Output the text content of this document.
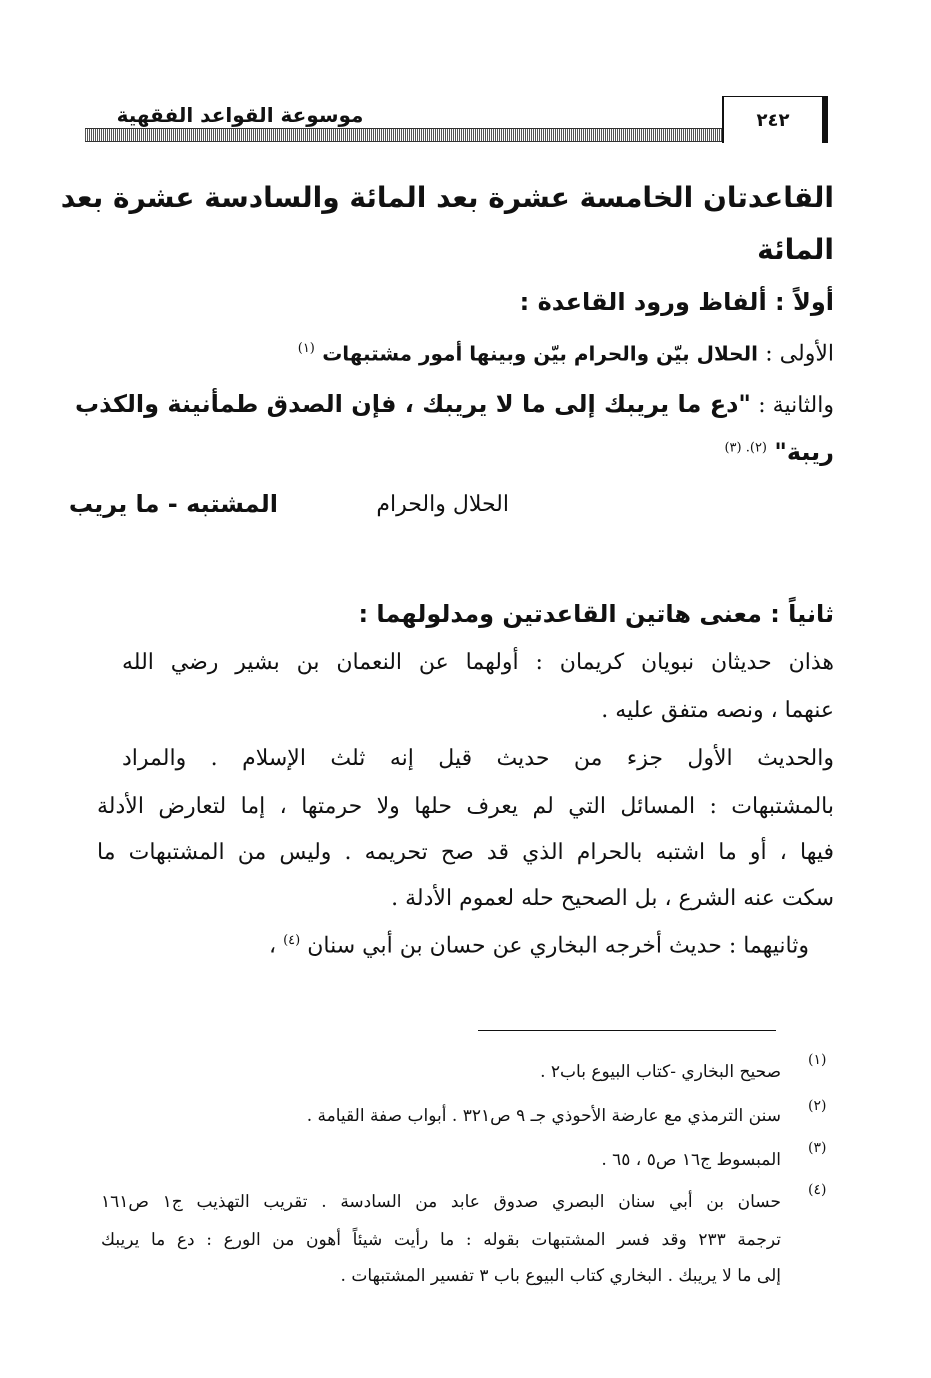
موسوعة القواعد الفقهية	٢٤٢
القاعدتان الخامسة عشرة بعد المائة والسادسة عشرة بعد
المائة
أولاً : ألفاظ ورود القاعدة :
الأولى : الحلال بيّن والحرام بيّن وبينها أمور مشتبهات $^{(١)}$
والثانية : "دع ما يريبك إلى ما لا يريبك ، فإن الصدق طمأنينة والكذب
ريبة" $^{(٢). (٣)}$
الحلال والحرام
المشتبه - ما يريب
ثانياً : معنى هاتين القاعدتين ومدلولهما :
هذان حديثان نبويان كريمان : أولهما عن النعمان بن بشير رضي الله
عنهما ، ونصه متفق عليه .
والحديث الأول جزء من حديث قيل إنه ثلث الإسلام . والمراد
بالمشتبهات : المسائل التي لم يعرف حلها ولا حرمتها ، إما لتعارض الأدلة
فيها ، أو ما اشتبه بالحرام الذي قد صح تحريمه . وليس من المشتبهات ما
سكت عنه الشرع ، بل الصحيح حله لعموم الأدلة .
وثانيهما : حديث أخرجه البخاري عن حسان بن أبي سنان $^{(٤)}$ ،
(١)
صحيح البخاري -كتاب البيوع باب٢ .
(٢)
سنن الترمذي مع عارضة الأحوذي جـ ٩ ص٣٢١ . أبواب صفة القيامة .
(٣)
المبسوط ج١٦ ص٥ ، ٦٥ .
(٤)
حسان بن أبي سنان البصري صدوق عابد من السادسة . تقريب التهذيب ج١ ص١٦١
ترجمة ٢٣٣ وقد فسر المشتبهات بقوله : ما رأيت شيئاً أهون من الورع : دع ما يريبك
إلى ما لا يريبك . البخاري كتاب البيوع باب ٣ تفسير المشتبهات .
